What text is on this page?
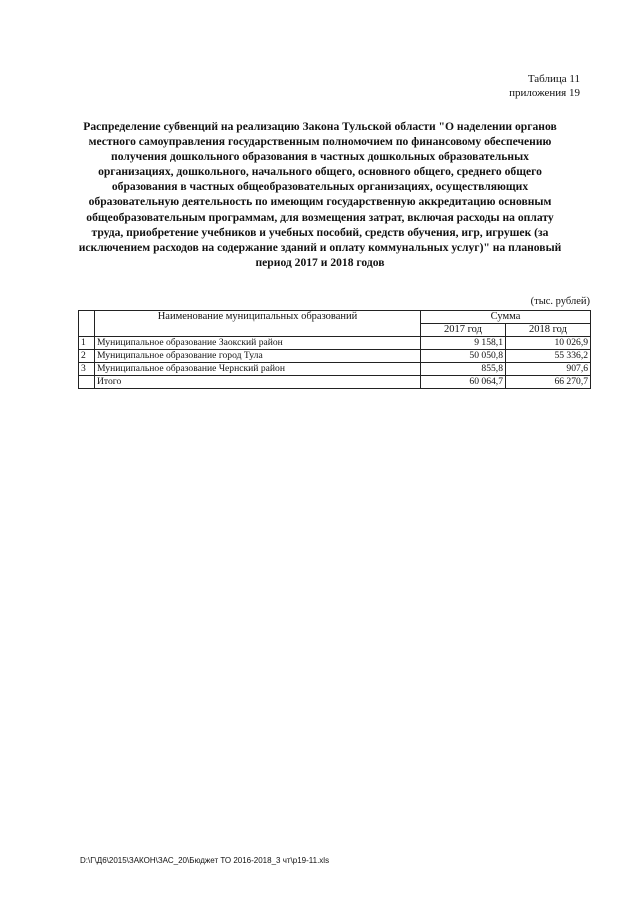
Таблица 11
приложения 19
Распределение субвенций на реализацию Закона Тульской области "О наделении органов местного самоуправления государственным полномочием по финансовому обеспечению получения дошкольного образования в частных дошкольных образовательных организациях, дошкольного, начального общего, основного общего, среднего общего образования в частных общеобразовательных организациях, осуществляющих образовательную деятельность по имеющим государственную аккредитацию основным общеобразовательным программам, для возмещения затрат, включая расходы на оплату труда, приобретение учебников и учебных пособий, средств обучения, игр, игрушек (за исключением расходов на содержание зданий и оплату коммунальных услуг)" на плановый период 2017 и 2018 годов
(тыс. рублей)
	Наименование муниципальных образований	Сумма	
		2017 год	2018 год
1	Муниципальное образование Заокский район	9 158,1	10 026,9
2	Муниципальное образование город Тула	50 050,8	55 336,2
3	Муниципальное образование Чернский район	855,8	907,6
	Итого	60 064,7	66 270,7
D:\Г\Д6\2015\ЗАКОН\ЗАС_20\Бюджет ТО 2016-2018_3 чт\р19-11.xls
